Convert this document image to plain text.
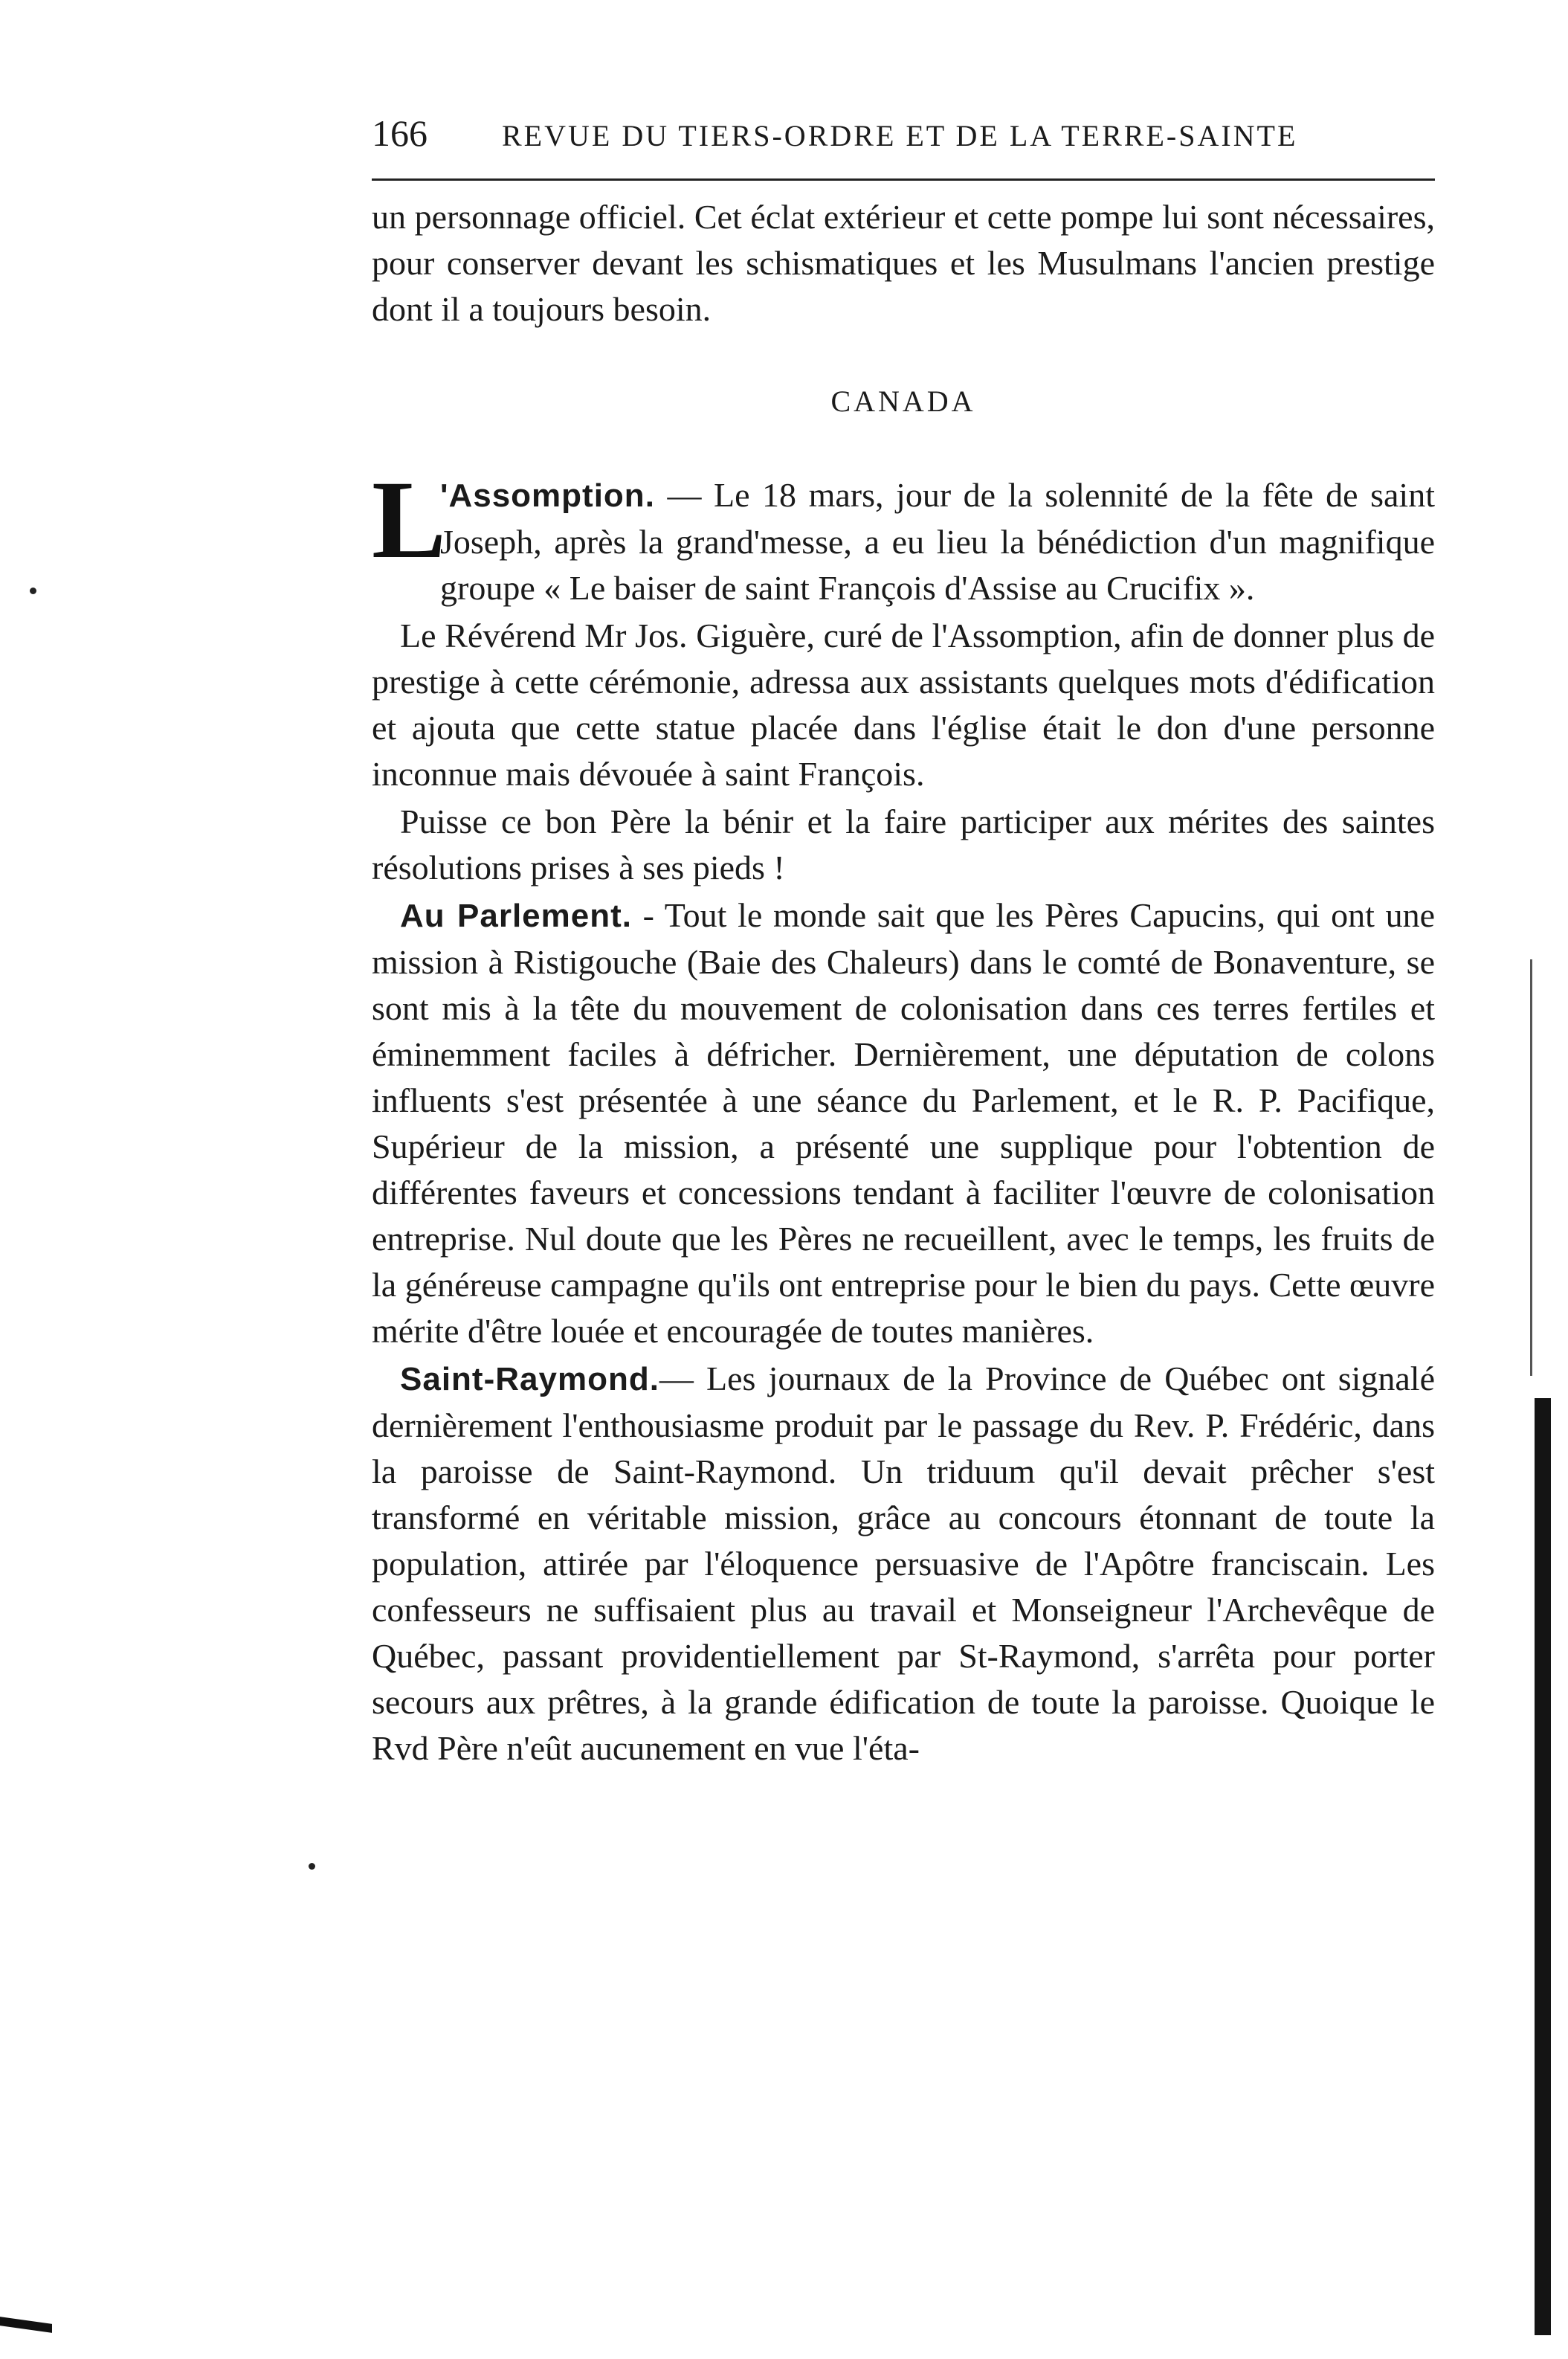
166	REVUE DU TIERS-ORDRE ET DE LA TERRE-SAINTE

un personnage officiel. Cet éclat extérieur et cette pompe lui sont nécessaires, pour conserver devant les schismatiques et les Musulmans l'ancien prestige dont il a toujours besoin.

CANADA

L
'Assomption. — Le 18 mars, jour de la solennité de la fête de saint Joseph, après la grand'messe, a eu lieu la bénédiction d'un magnifique groupe « Le baiser de saint François d'Assise au Crucifix ».

Le Révérend Mr Jos. Giguère, curé de l'Assomption, afin de donner plus de prestige à cette cérémonie, adressa aux assistants quelques mots d'édification et ajouta que cette statue placée dans l'église était le don d'une personne inconnue mais dévouée à saint François.

Puisse ce bon Père la bénir et la faire participer aux mérites des saintes résolutions prises à ses pieds !

Au Parlement. - Tout le monde sait que les Pères Capucins, qui ont une mission à Ristigouche (Baie des Chaleurs) dans le comté de Bonaventure, se sont mis à la tête du mouvement de colonisation dans ces terres fertiles et éminemment faciles à défricher. Dernièrement, une députation de colons influents s'est présentée à une séance du Parlement, et le R. P. Pacifique, Supérieur de la mission, a présenté une supplique pour l'obtention de différentes faveurs et concessions tendant à faciliter l'œuvre de colonisation entreprise. Nul doute que les Pères ne recueillent, avec le temps, les fruits de la généreuse campagne qu'ils ont entreprise pour le bien du pays. Cette œuvre mérite d'être louée et encouragée de toutes manières.

Saint-Raymond.— Les journaux de la Province de Québec ont signalé dernièrement l'enthousiasme produit par le passage du Rev. P. Frédéric, dans la paroisse de Saint-Raymond. Un triduum qu'il devait prêcher s'est transformé en véritable mission, grâce au concours étonnant de toute la population, attirée par l'éloquence persuasive de l'Apôtre franciscain. Les confesseurs ne suffisaient plus au travail et Monseigneur l'Archevêque de Québec, passant providentiellement par St-Raymond, s'arrêta pour porter secours aux prêtres, à la grande édification de toute la paroisse. Quoique le Rvd Père n'eût aucunement en vue l'éta-
